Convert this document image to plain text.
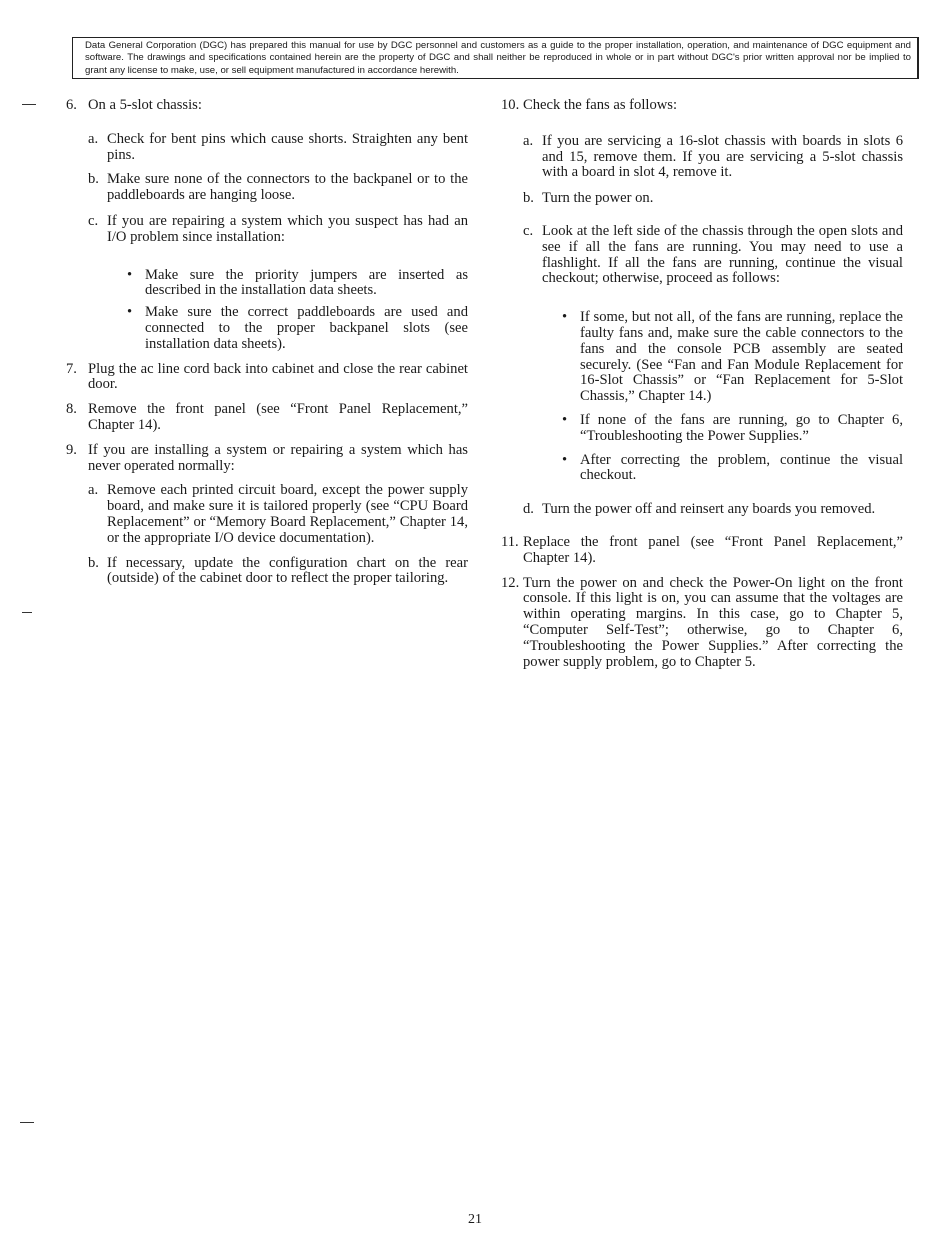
Data General Corporation (DGC) has prepared this manual for use by DGC personnel and customers as a guide to the proper installation, operation, and maintenance of DGC equipment and software. The drawings and specifications contained herein are the property of DGC and shall neither be reproduced in whole or in part without DGC's prior written approval nor be implied to grant any license to make, use, or sell equipment manufactured in accordance herewith.
6. On a 5-slot chassis:
a. Check for bent pins which cause shorts. Straighten any bent pins.
b. Make sure none of the connectors to the backpanel or to the paddleboards are hanging loose.
c. If you are repairing a system which you suspect has had an I/O problem since installation:
• Make sure the priority jumpers are inserted as described in the installation data sheets.
• Make sure the correct paddleboards are used and connected to the proper backpanel slots (see installation data sheets).
7. Plug the ac line cord back into cabinet and close the rear cabinet door.
8. Remove the front panel (see “Front Panel Replacement,” Chapter 14).
9. If you are installing a system or repairing a system which has never operated normally:
a. Remove each printed circuit board, except the power supply board, and make sure it is tailored properly (see “CPU Board Replacement” or “Memory Board Replacement,” Chapter 14, or the appropriate I/O device documentation).
b. If necessary, update the configuration chart on the rear (outside) of the cabinet door to reflect the proper tailoring.
10. Check the fans as follows:
a. If you are servicing a 16-slot chassis with boards in slots 6 and 15, remove them. If you are servicing a 5-slot chassis with a board in slot 4, remove it.
b. Turn the power on.
c. Look at the left side of the chassis through the open slots and see if all the fans are running. You may need to use a flashlight. If all the fans are running, continue the visual checkout; otherwise, proceed as follows:
• If some, but not all, of the fans are running, replace the faulty fans and, make sure the cable connectors to the fans and the console PCB assembly are seated securely. (See “Fan and Fan Module Replacement for 16-Slot Chassis” or “Fan Replacement for 5-Slot Chassis,” Chapter 14.)
• If none of the fans are running, go to Chapter 6, “Troubleshooting the Power Supplies.”
• After correcting the problem, continue the visual checkout.
d. Turn the power off and reinsert any boards you removed.
11. Replace the front panel (see “Front Panel Replacement,” Chapter 14).
12. Turn the power on and check the Power-On light on the front console. If this light is on, you can assume that the voltages are within operating margins. In this case, go to Chapter 5, “Computer Self-Test”; otherwise, go to Chapter 6, “Troubleshooting the Power Supplies.” After correcting the power supply problem, go to Chapter 5.
21
